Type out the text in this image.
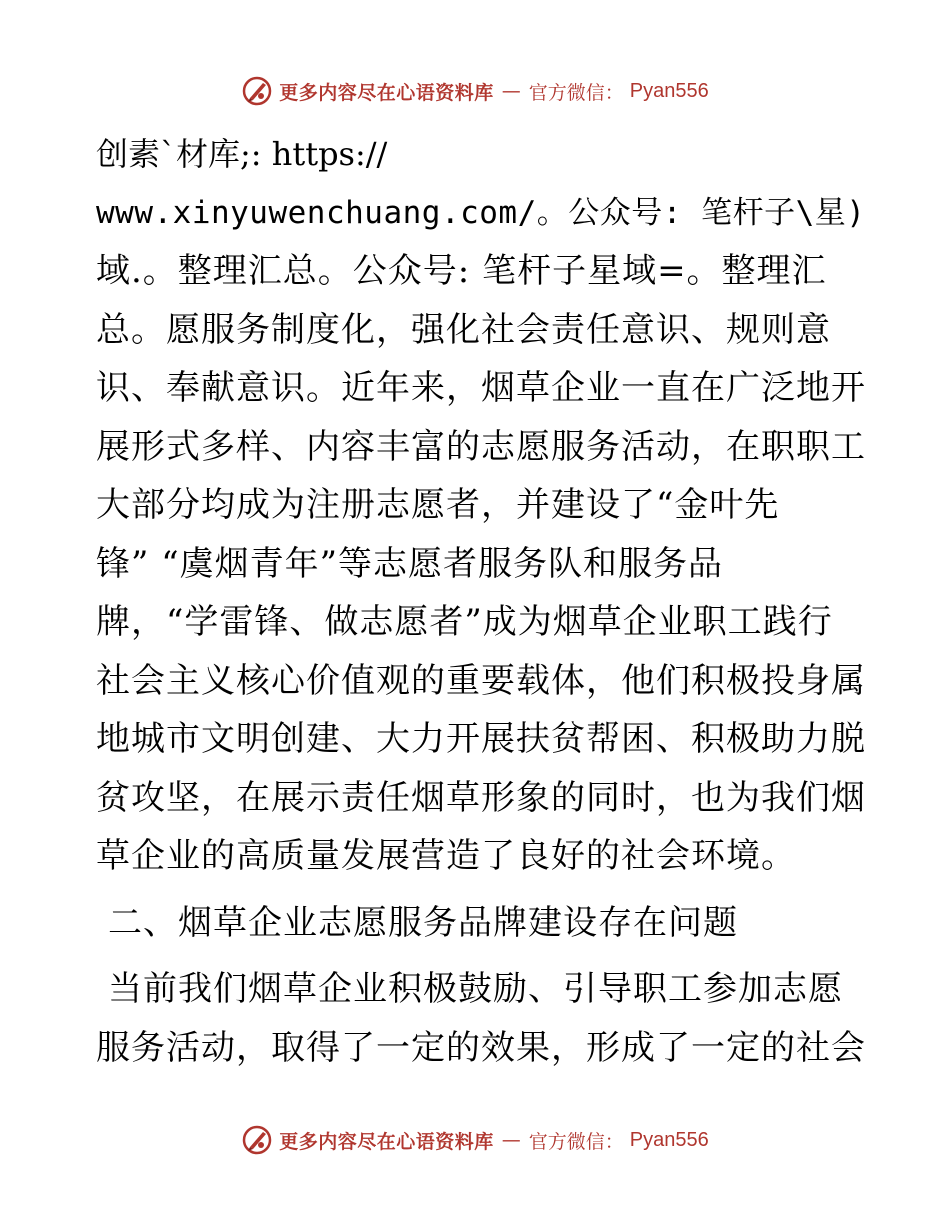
更多内容尽在心语资料库 — 官方微信： Pyan556
创素`材库;: https://
www.xinyuwenchuang.com/。公众号: 笔杆子\星)
域.。整理汇总。公众号: 笔杆子星域=。整理汇
总。愿服务制度化，强化社会责任意识、规则意
识、奉献意识。近年来，烟草企业一直在广泛地开
展形式多样、内容丰富的志愿服务活动，在职职工
大部分均成为注册志愿者，并建设了“金叶先
锋” “虞烟青年”等志愿者服务队和服务品
牌，“学雷锋、做志愿者”成为烟草企业职工践行
社会主义核心价值观的重要载体，他们积极投身属
地城市文明创建、大力开展扶贫帮困、积极助力脱
贫攻坚，在展示责任烟草形象的同时，也为我们烟
草企业的高质量发展营造了良好的社会环境。
二、烟草企业志愿服务品牌建设存在问题
当前我们烟草企业积极鼓励、引导职工参加志愿
服务活动，取得了一定的效果，形成了一定的社会
更多内容尽在心语资料库 — 官方微信： Pyan556
